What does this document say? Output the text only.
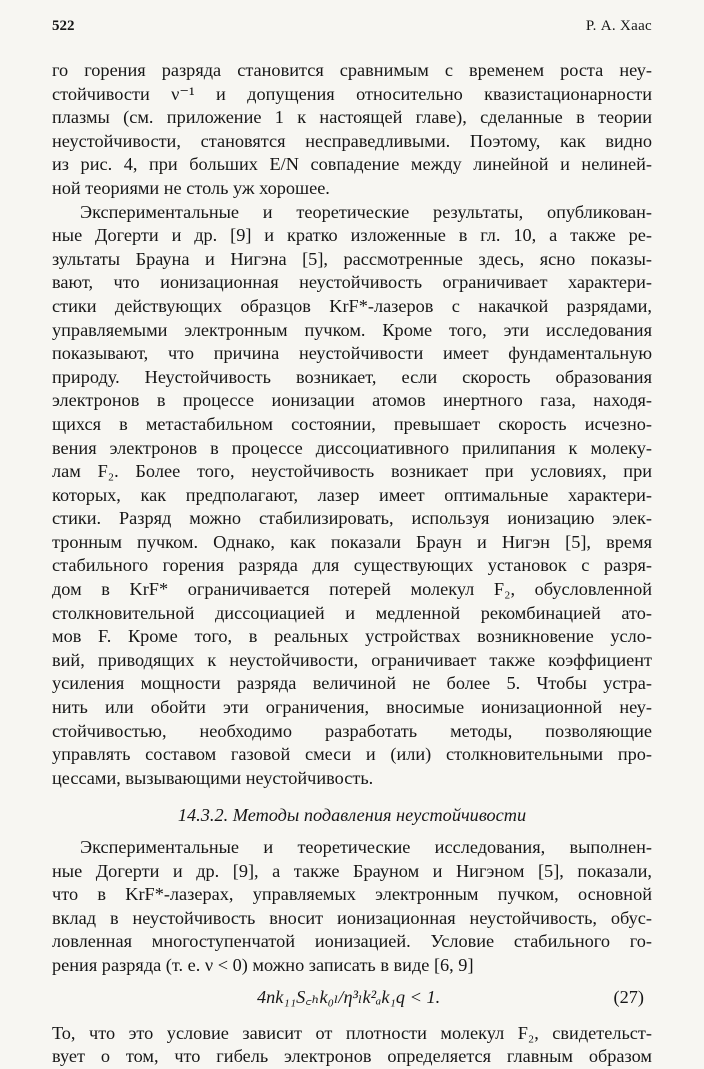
522	Р. А. Хаас
го горения разряда становится сравнимым с временем роста неу-
стойчивости ν⁻¹ и допущения относительно квазистационарности
плазмы (см. приложение 1 к настоящей главе), сделанные в теории
неустойчивости, становятся несправедливыми. Поэтому, как видно
из рис. 4, при больших E/N совпадение между линейной и нелиней-
ной теориями не столь уж хорошее.
Экспериментальные и теоретические результаты, опубликован-
ные Догерти и др. [9] и кратко изложенные в гл. 10, а также ре-
зультаты Брауна и Нигэна [5], рассмотренные здесь, ясно показы-
вают, что ионизационная неустойчивость ограничивает характери-
стики действующих образцов KrF*-лазеров с накачкой разрядами,
управляемыми электронным пучком. Кроме того, эти исследования
показывают, что причина неустойчивости имеет фундаментальную
природу. Неустойчивость возникает, если скорость образования
электронов в процессе ионизации атомов инертного газа, находя-
щихся в метастабильном состоянии, превышает скорость исчезно-
вения электронов в процессе диссоциативного прилипания к молеку-
лам F₂. Более того, неустойчивость возникает при условиях, при
которых, как предполагают, лазер имеет оптимальные характери-
стики. Разряд можно стабилизировать, используя ионизацию элек-
тронным пучком. Однако, как показали Браун и Нигэн [5], время
стабильного горения разряда для существующих установок с разря-
дом в KrF* ограничивается потерей молекул F₂, обусловленной
столкновительной диссоциацией и медленной рекомбинацией ато-
мов F. Кроме того, в реальных устройствах возникновение усло-
вий, приводящих к неустойчивости, ограничивает также коэффициент
усиления мощности разряда величиной не более 5. Чтобы устра-
нить или обойти эти ограничения, вносимые ионизационной неу-
стойчивостью, необходимо разработать методы, позволяющие
управлять составом газовой смеси и (или) столкновительными про-
цессами, вызывающими неустойчивость.
14.3.2. Методы подавления неустойчивости
Экспериментальные и теоретические исследования, выполнен-
ные Догерти и др. [9], а также Брауном и Нигэном [5], показали,
что в KrF*-лазерах, управляемых электронным пучком, основной
вклад в неустойчивость вносит ионизационная неустойчивость, обус-
ловленная многоступенчатой ионизацией. Условие стабильного го-
рения разряда (т. е. ν < 0) можно записать в виде [6, 9]
4nk₁₁S꜀ₕk₀ₗ/η³ₗk²ₐk₁q < 1.	(27)
То, что это условие зависит от плотности молекул F₂, свидетельст-
вует о том, что гибель электронов определяется главным образом
